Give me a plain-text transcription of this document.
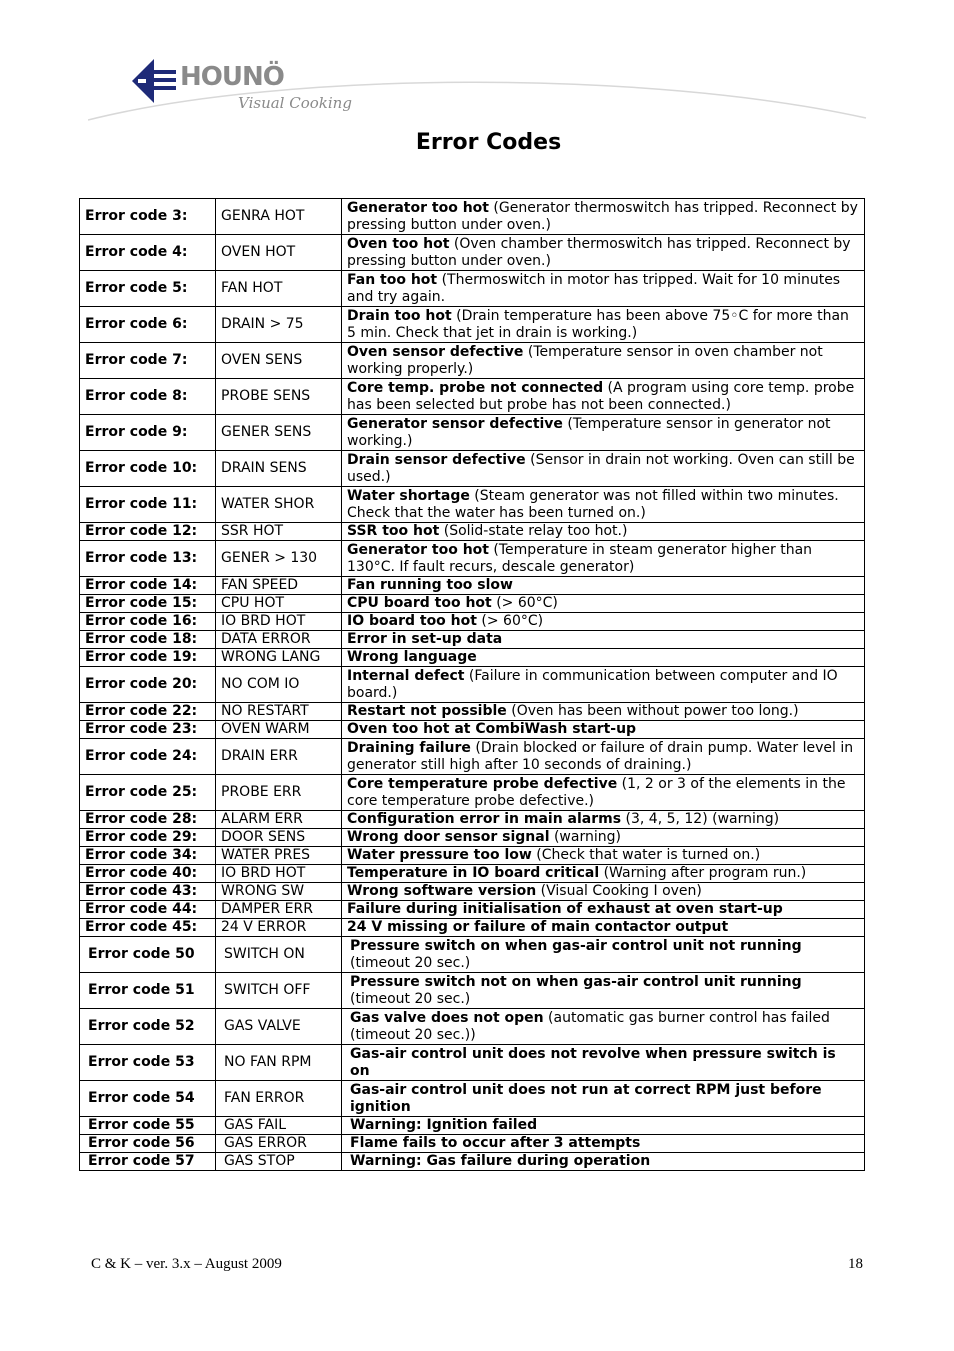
HOUNÖ
Visual Cooking
Error Codes
Error code 3:	GENRA HOT	Generator too hot (Generator thermoswitch has tripped. Reconnect by pressing button under oven.)
Error code 4:	OVEN HOT	Oven too hot (Oven chamber thermoswitch has tripped. Reconnect by pressing button under oven.)
Error code 5:	FAN HOT	Fan too hot (Thermoswitch in motor has tripped. Wait for 10 minutes and try again.
Error code 6:	DRAIN > 75	Drain too hot (Drain temperature has been above 75◦C for more than 5 min. Check that jet in drain is working.)
Error code 7:	OVEN SENS	Oven sensor defective (Temperature sensor in oven chamber not working properly.)
Error code 8:	PROBE SENS	Core temp. probe not connected (A program using core temp. probe has been selected but probe has not been connected.)
Error code 9:	GENER SENS	Generator sensor defective (Temperature sensor in generator not working.)
Error code 10:	DRAIN SENS	Drain sensor defective (Sensor in drain not working. Oven can still be used.)
Error code 11:	WATER SHOR	Water shortage (Steam generator was not filled within two minutes. Check that the water has been turned on.)
Error code 12:	SSR HOT	SSR too hot (Solid-state relay too hot.)
Error code 13:	GENER > 130	Generator too hot (Temperature in steam generator higher than 130°C. If fault recurs, descale generator)
Error code 14:	FAN SPEED	Fan running too slow
Error code 15:	CPU HOT	CPU board too hot (> 60°C)
Error code 16:	IO BRD HOT	IO board too hot (> 60°C)
Error code 18:	DATA ERROR	Error in set-up data
Error code 19:	WRONG LANG	Wrong language
Error code 20:	NO COM IO	Internal defect (Failure in communication between computer and IO board.)
Error code 22:	NO RESTART	Restart not possible (Oven has been without power too long.)
Error code 23:	OVEN WARM	Oven too hot at CombiWash start-up
Error code 24:	DRAIN ERR	Draining failure (Drain blocked or failure of drain pump. Water level in generator still high after 10 seconds of draining.)
Error code 25:	PROBE ERR	Core temperature probe defective (1, 2 or 3 of the elements in the core temperature probe defective.)
Error code 28:	ALARM ERR	Configuration error in main alarms (3, 4, 5, 12) (warning)
Error code 29:	DOOR SENS	Wrong door sensor signal (warning)
Error code 34:	WATER PRES	Water pressure too low (Check that water is turned on.)
Error code 40:	IO BRD HOT	Temperature in IO board critical (Warning after program run.)
Error code 43:	WRONG SW	Wrong software version (Visual Cooking I oven)
Error code 44:	DAMPER ERR	Failure during initialisation of exhaust at oven start-up
Error code 45:	24 V ERROR	24 V missing or failure of main contactor output
Error code 50	SWITCH ON	Pressure switch on when gas-air control unit not running (timeout 20 sec.)
Error code 51	SWITCH OFF	Pressure switch not on when gas-air control unit running (timeout 20 sec.)
Error code 52	GAS VALVE	Gas valve does not open (automatic gas burner control has failed (timeout 20 sec.))
Error code 53	NO FAN RPM	Gas-air control unit does not revolve when pressure switch is on
Error code 54	FAN ERROR	Gas-air control unit does not run at correct RPM just before ignition
Error code 55	GAS FAIL	Warning: Ignition failed
Error code 56	GAS ERROR	Flame fails to occur after 3 attempts
Error code 57	GAS STOP	Warning: Gas failure during operation
C & K – ver. 3.x – August 2009	18
